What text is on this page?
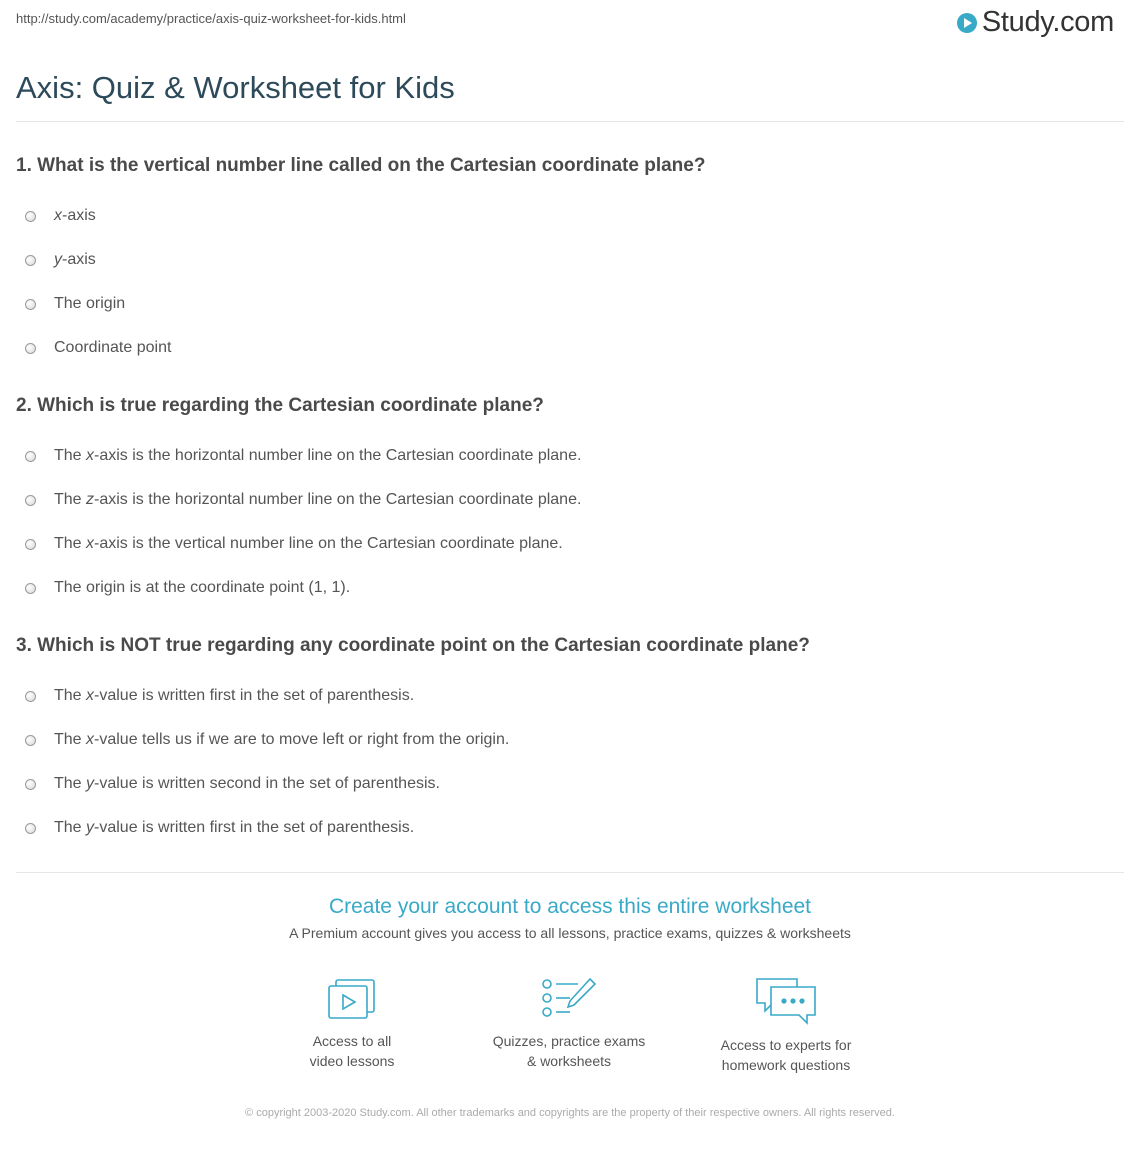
http://study.com/academy/practice/axis-quiz-worksheet-for-kids.html	Study.com
Axis: Quiz & Worksheet for Kids

1. What is the vertical number line called on the Cartesian coordinate plane?

x-axis
y-axis
The origin
Coordinate point

2. Which is true regarding the Cartesian coordinate plane?

The x-axis is the horizontal number line on the Cartesian coordinate plane.
The z-axis is the horizontal number line on the Cartesian coordinate plane.
The x-axis is the vertical number line on the Cartesian coordinate plane.
The origin is at the coordinate point (1, 1).

3. Which is NOT true regarding any coordinate point on the Cartesian coordinate plane?

The x-value is written first in the set of parenthesis.
The x-value tells us if we are to move left or right from the origin.
The y-value is written second in the set of parenthesis.
The y-value is written first in the set of parenthesis.

Create your account to access this entire worksheet

A Premium account gives you access to all lessons, practice exams, quizzes & worksheets
Access to all
video lessons
Quizzes, practice exams
& worksheets
Access to experts for
homework questions
© copyright 2003-2020 Study.com. All other trademarks and copyrights are the property of their respective owners. All rights reserved.
